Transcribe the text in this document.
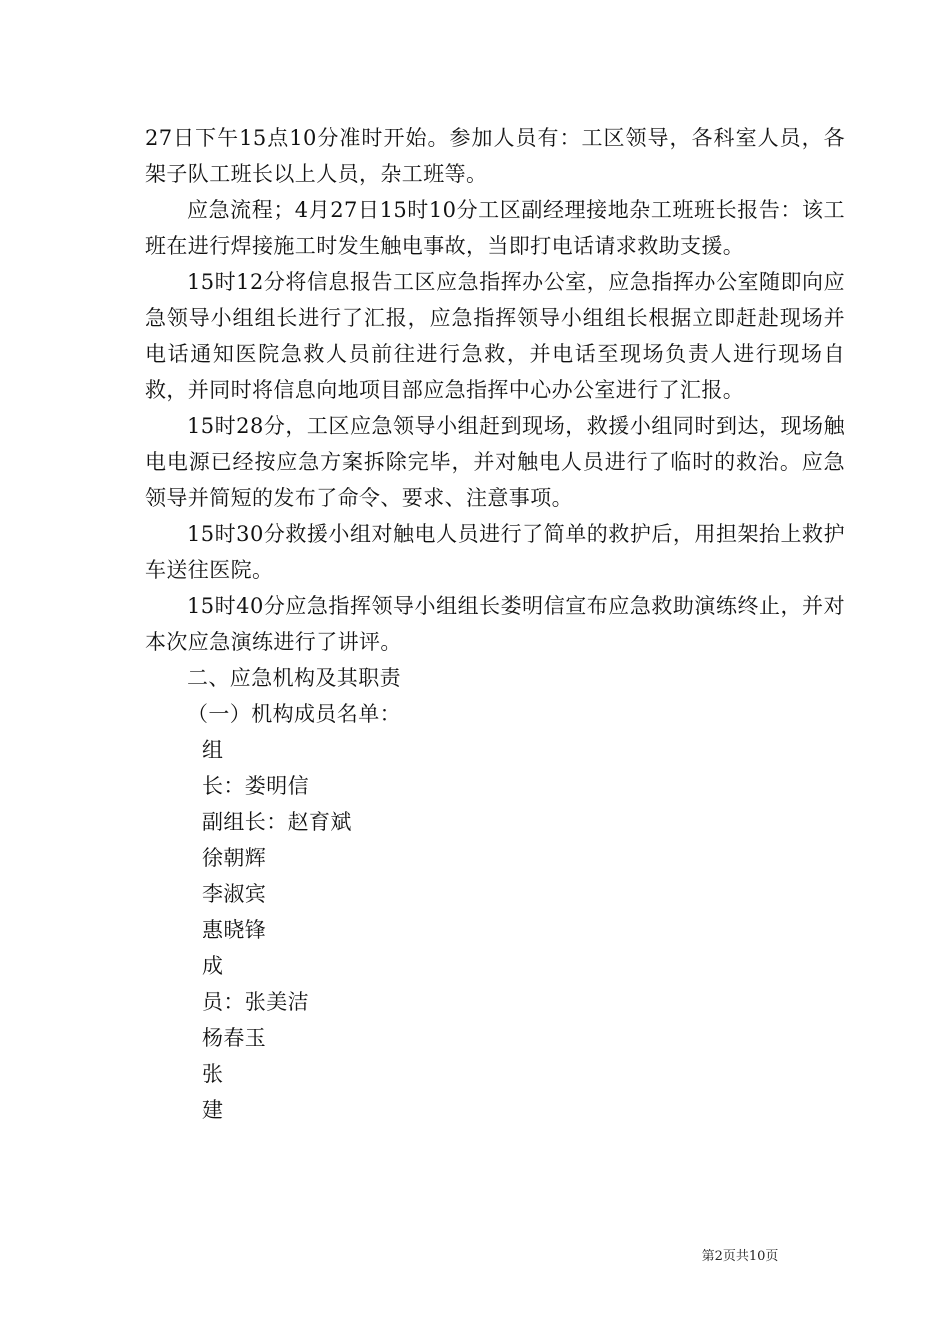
27日下午15点10分准时开始。参加人员有：工区领导，各科室人员，各架子队工班长以上人员，杂工班等。

应急流程；4月27日15时10分工区副经理接地杂工班班长报告：该工班在进行焊接施工时发生触电事故，当即打电话请求救助支援。

15时12分将信息报告工区应急指挥办公室，应急指挥办公室随即向应急领导小组组长进行了汇报，应急指挥领导小组组长根据立即赶赴现场并电话通知医院急救人员前往进行急救，并电话至现场负责人进行现场自救，并同时将信息向地项目部应急指挥中心办公室进行了汇报。

15时28分，工区应急领导小组赶到现场，救援小组同时到达，现场触电电源已经按应急方案拆除完毕，并对触电人员进行了临时的救治。应急领导并简短的发布了命令、要求、注意事项。

15时30分救援小组对触电人员进行了简单的救护后，用担架抬上救护车送往医院。

15时40分应急指挥领导小组组长娄明信宣布应急救助演练终止，并对本次应急演练进行了讲评。

二、应急机构及其职责

（一）机构成员名单：

组
长：娄明信
副组长：赵育斌
徐朝辉
李淑宾
惠晓锋
成
员：张美洁
杨春玉
张
建
第2页共10页
